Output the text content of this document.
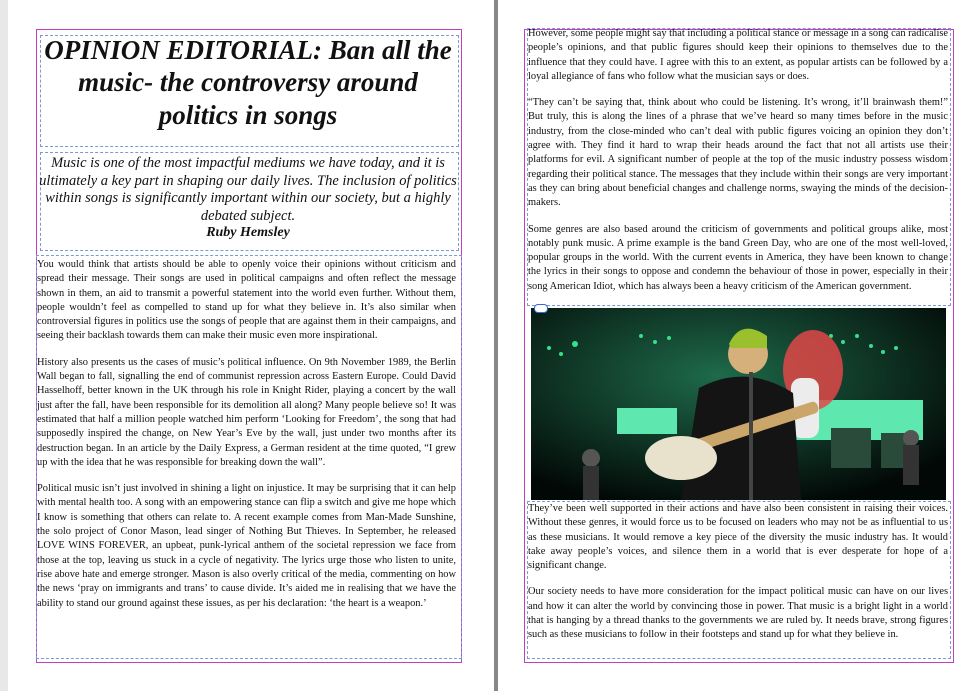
OPINION EDITORIAL: Ban all the music- the controversy around politics in songs

Music is one of the most impactful mediums we have today, and it is ultimately a key part in shaping our daily lives. The inclusion of politics within songs is significantly important within our society, but a highly debated subject.

Ruby Hemsley

You would think that artists should be able to openly voice their opinions without criticism and spread their message. Their songs are used in political campaigns and often reflect the message shown in them, an aid to transmit a powerful statement into the world even further. Without them, people wouldn’t feel as compelled to stand up for what they believe in. It’s also similar when controversial figures in politics use the songs of people that are against them in their campaigns, and seeing their backlash towards them can make their music even more inspirational.

History also presents us the cases of music’s political influence. On 9th November 1989, the Berlin Wall began to fall, signalling the end of communist repression across Eastern Europe. Could David Hasselhoff, better known in the UK through his role in Knight Rider, playing a concert by the wall just after the fall, have been responsible for its demolition all along? Many people believe so! It was estimated that half a million people watched him perform ‘Looking for Freedom’, the song that had supposedly inspired the change, on New Year’s Eve by the wall, just under two months after its destruction began. In an article by the Daily Express, a German resident at the time quoted, “I grew up with the idea that he was responsible for breaking down the wall”.

Political music isn’t just involved in shining a light on injustice. It may be surprising that it can help with mental health too. A song with an empowering stance can flip a switch and give me hope which I know is something that others can relate to. A recent example comes from Man-Made Sunshine, the solo project of Conor Mason, lead singer of Nothing But Thieves. In September, he released LOVE WINS FOREVER, an upbeat, punk-lyrical anthem of the societal repression we face from those at the top, leaving us stuck in a cycle of negativity. The lyrics urge those who listen to unite, rise above hate and emerge stronger. Mason is also overly critical of the media, commenting on how the news ‘pray on immigrants and trans’ to cause divide. It’s aided me in realising that we have the ability to stand our ground against these issues, as per his declaration: ‘the heart is a weapon.’

However, some people might say that including a political stance or message in a song can radicalise people’s opinions, and that public figures should keep their opinions to themselves due to the influence that they could have. I agree with this to an extent, as popular artists can be followed by a loyal allegiance of fans who follow what the musician says or does.

“They can’t be saying that, think about who could be listening. It’s wrong, it’ll brainwash them!” But truly, this is along the lines of a phrase that we’ve heard so many times before in the music industry, from the close-minded who can’t deal with public figures voicing an opinion they don’t agree with. They find it hard to wrap their heads around the fact that not all artists use their platforms for evil. A significant number of people at the top of the music industry possess wisdom regarding their political stance. The messages that they include within their songs are very important as they can bring about beneficial changes and challenge norms, swaying the minds of the decision-makers.

Some genres are also based around the criticism of governments and political groups alike, most notably punk music. A prime example is the band Green Day, who are one of the most well-loved, popular groups in the world. With the current events in America, they have been known to change the lyrics in their songs to oppose and condemn the behaviour of those in power, especially in their song American Idiot, which has always been a heavy criticism of the American government.

They’ve been well supported in their actions and have also been consistent in raising their voices. Without these genres, it would force us to be focused on leaders who may not be as influential to us as these musicians. It would remove a key piece of the diversity the music industry has. It would take away people’s voices, and silence them in a world that is ever desperate for hope of a significant change.

Our society needs to have more consideration for the impact political music can have on our lives and how it can alter the world by convincing those in power. That music is a bright light in a world that is hanging by a thread thanks to the governments we are ruled by. It needs brave, strong figures such as these musicians to follow in their footsteps and stand up for what they believe in.
